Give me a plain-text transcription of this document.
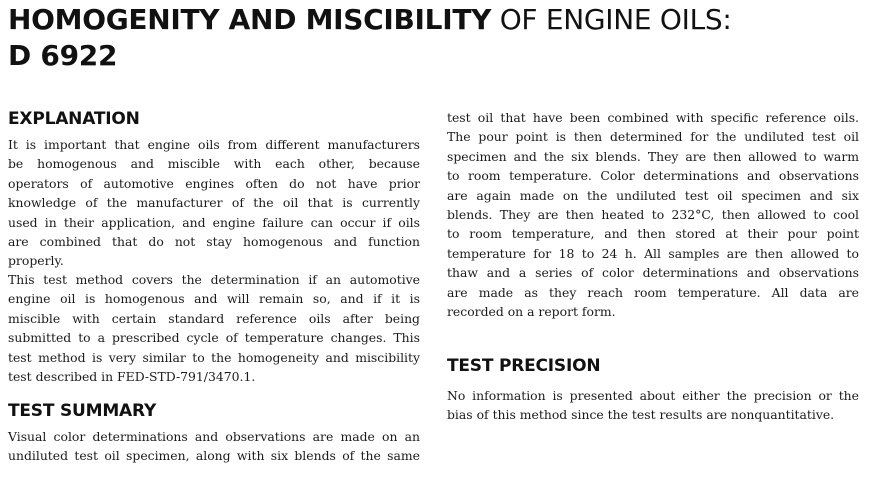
HOMOGENITY AND MISCIBILITY OF ENGINE OILS:
D 6922
EXPLANATION
It is important that engine oils from different manufacturers
be homogenous and miscible with each other, because
operators of automotive engines often do not have prior
knowledge of the manufacturer of the oil that is currently
used in their application, and engine failure can occur if oils
are combined that do not stay homogenous and function
properly.
This test method covers the determination if an automotive
engine oil is homogenous and will remain so, and if it is
miscible with certain standard reference oils after being
submitted to a prescribed cycle of temperature changes. This
test method is very similar to the homogeneity and miscibility
test described in FED-STD-791/3470.1.
TEST SUMMARY
Visual color determinations and observations are made on an
undiluted test oil specimen, along with six blends of the same
test oil that have been combined with specific reference oils.
The pour point is then determined for the undiluted test oil
specimen and the six blends. They are then allowed to warm
to room temperature. Color determinations and observations
are again made on the undiluted test oil specimen and six
blends. They are then heated to 232°C, then allowed to cool
to room temperature, and then stored at their pour point
temperature for 18 to 24 h. All samples are then allowed to
thaw and a series of color determinations and observations
are made as they reach room temperature. All data are
recorded on a report form.
TEST PRECISION
No information is presented about either the precision or the
bias of this method since the test results are nonquantitative.
